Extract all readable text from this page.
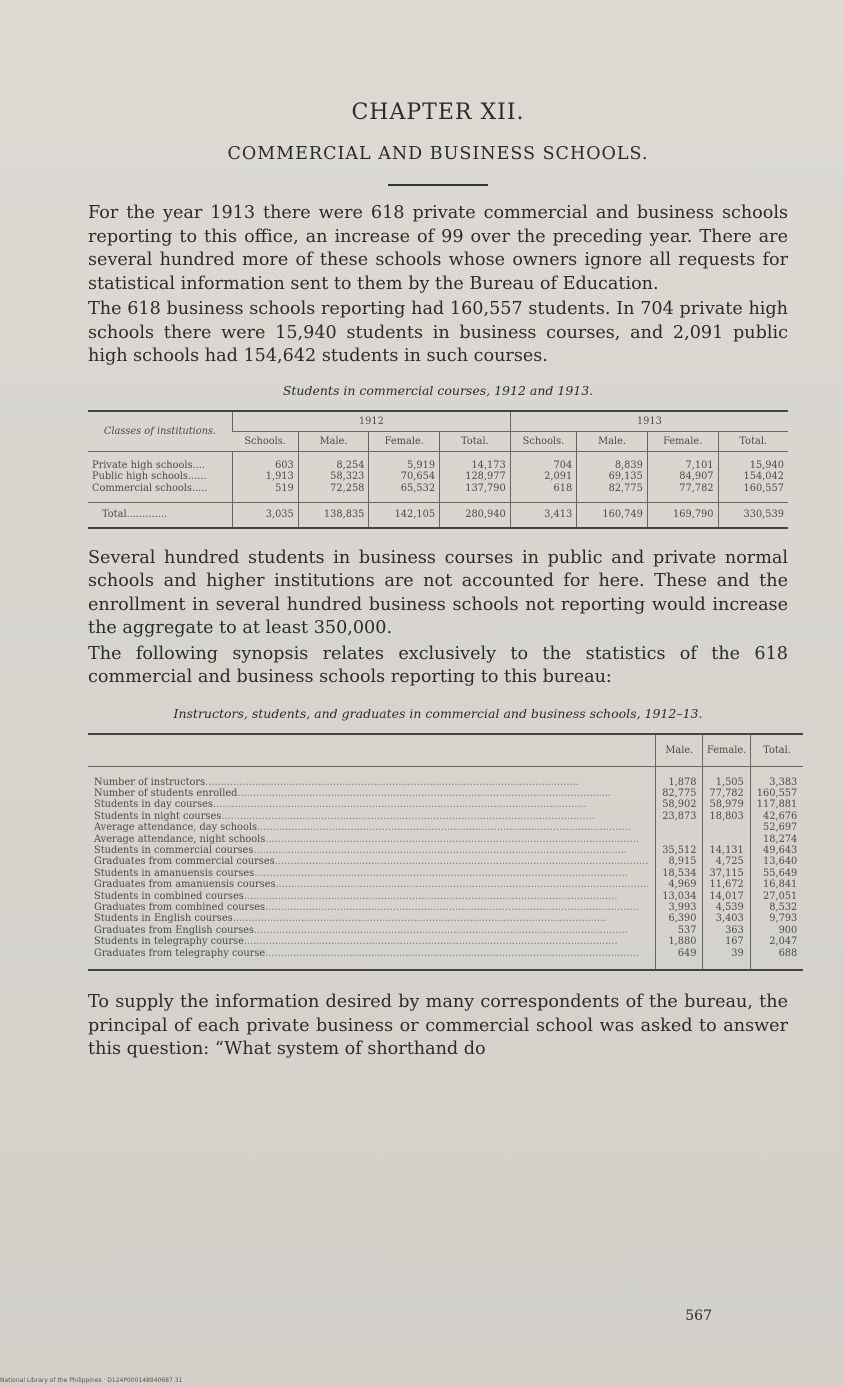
CHAPTER XII.
COMMERCIAL AND BUSINESS SCHOOLS.

For the year 1913 there were 618 private commercial and business schools reporting to this office, an increase of 99 over the preceding year. There are several hundred more of these schools whose owners ignore all requests for statistical information sent to them by the Bureau of Education.

The 618 business schools reporting had 160,557 students. In 704 private high schools there were 15,940 students in business courses, and 2,091 public high schools had 154,642 students in such courses.

Students in commercial courses, 1912 and 1913.
Classes of institutions.	1912				1913			
	Schools.	Male.	Female.	Total.	Schools.	Male.	Female.	Total.
Private high schools....	603	8,254	5,919	14,173	704	8,839	7,101	15,940
Public high schools......	1,913	58,323	70,654	128,977	2,091	69,135	84,907	154,042
Commercial schools.....	519	72,258	65,532	137,790	618	82,775	77,782	160,557
Total.............	3,035	138,835	142,105	280,940	3,413	160,749	169,790	330,539

Several hundred students in business courses in public and private normal schools and higher institutions are not accounted for here. These and the enrollment in several hundred business schools not reporting would increase the aggregate to at least 350,000.

The following synopsis relates exclusively to the statistics of the 618 commercial and business schools reporting to this bureau:

Instructors, students, and graduates in commercial and business schools, 1912–13.
	Male.	Female.	Total.
Number of instructors........................................................................................................................	1,878	1,505	3,383
Number of students enrolled........................................................................................................................	82,775	77,782	160,557
Students in day courses........................................................................................................................	58,902	58,979	117,881
Students in night courses........................................................................................................................	23,873	18,803	42,676
Average attendance, day schools........................................................................................................................			52,697
Average attendance, night schools........................................................................................................................			18,274
Students in commercial courses........................................................................................................................	35,512	14,131	49,643
Graduates from commercial courses........................................................................................................................	8,915	4,725	13,640
Students in amanuensis courses........................................................................................................................	18,534	37,115	55,649
Graduates from amanuensis courses........................................................................................................................	4,969	11,672	16,841
Students in combined courses........................................................................................................................	13,034	14,017	27,051
Graduates from combined courses........................................................................................................................	3,993	4,539	8,532
Students in English courses........................................................................................................................	6,390	3,403	9,793
Graduates from English courses........................................................................................................................	537	363	900
Students in telegraphy course........................................................................................................................	1,880	167	2,047
Graduates from telegraphy course........................................................................................................................	649	39	688

To supply the information desired by many correspondents of the bureau, the principal of each private business or commercial school was asked to answer this question: “What system of shorthand do

567
National Library of the Philippines · D124P000148940687 31
